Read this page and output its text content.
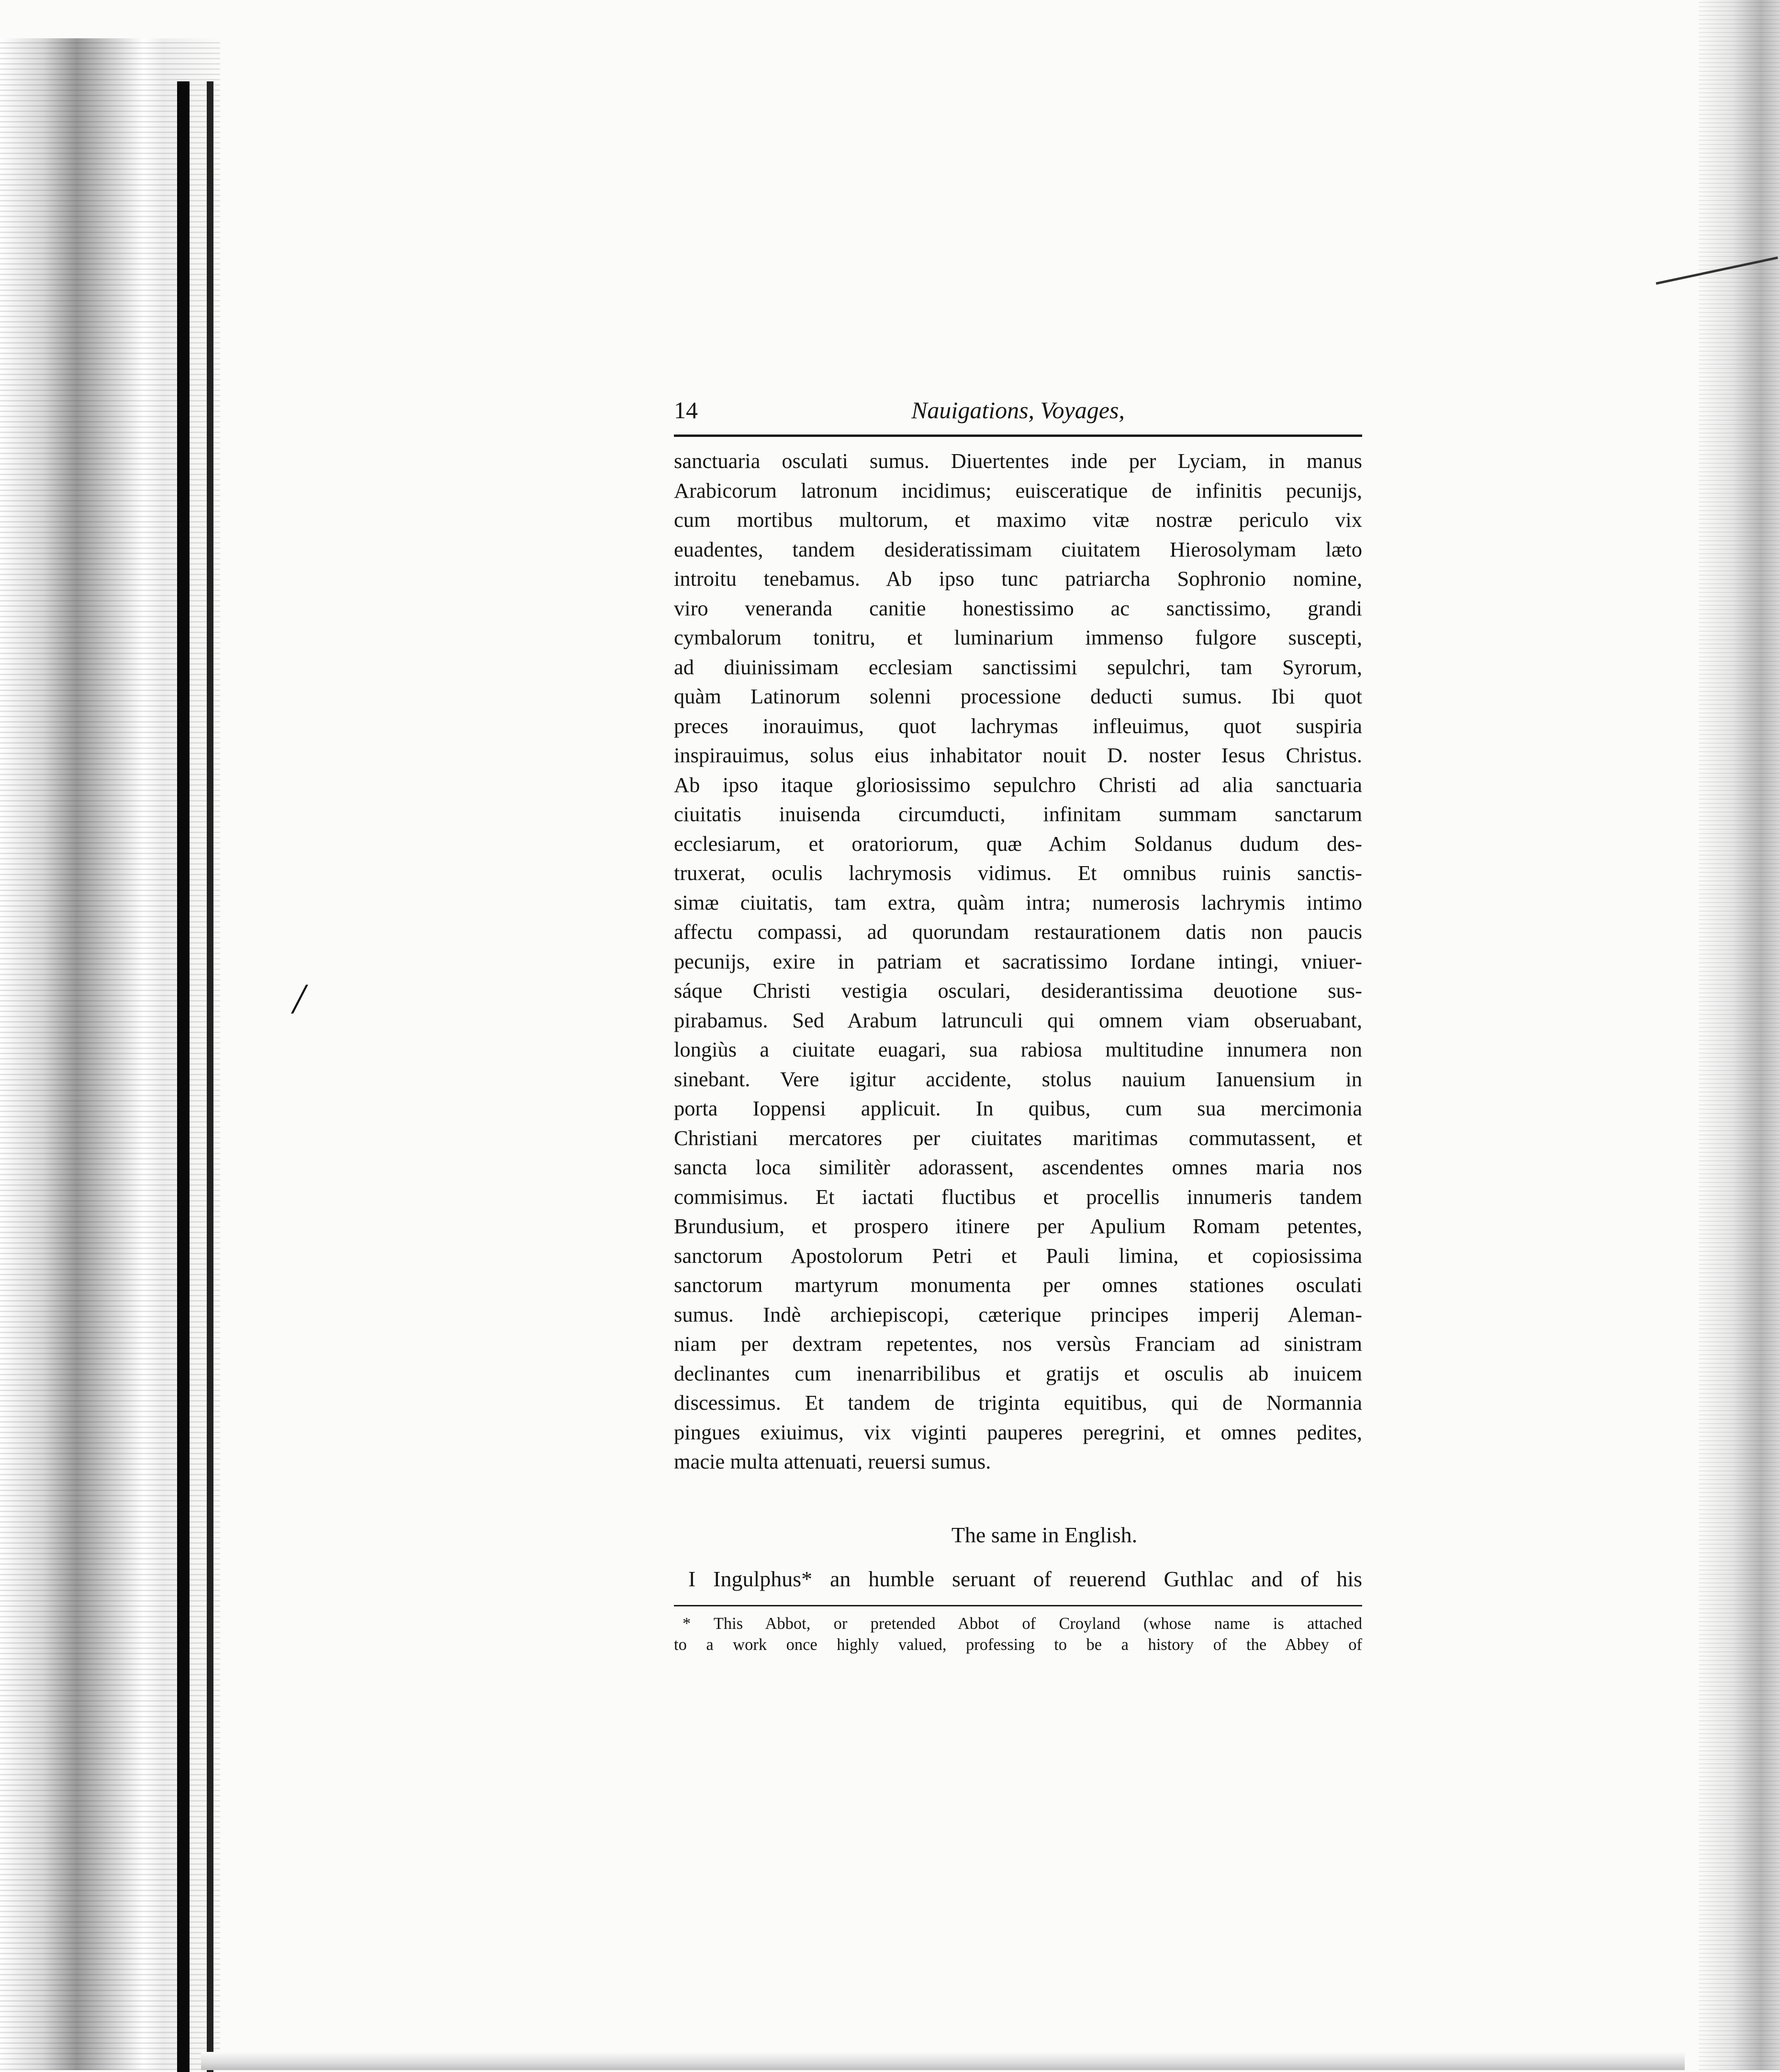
/
14	Nauigations, Voyages,
sanctuaria osculati sumus. Diuertentes inde per Lyciam, in manus
Arabicorum latronum incidimus; euisceratique de infinitis pecunijs,
cum mortibus multorum, et maximo vitæ nostræ periculo vix
euadentes, tandem desideratissimam ciuitatem Hierosolymam læto
introitu tenebamus. Ab ipso tunc patriarcha Sophronio nomine,
viro veneranda canitie honestissimo ac sanctissimo, grandi
cymbalorum tonitru, et luminarium immenso fulgore suscepti,
ad diuinissimam ecclesiam sanctissimi sepulchri, tam Syrorum,
quàm Latinorum solenni processione deducti sumus. Ibi quot
preces inorauimus, quot lachrymas infleuimus, quot suspiria
inspirauimus, solus eius inhabitator nouit D. noster Iesus Christus.
Ab ipso itaque gloriosissimo sepulchro Christi ad alia sanctuaria
ciuitatis inuisenda circumducti, infinitam summam sanctarum
ecclesiarum, et oratoriorum, quæ Achim Soldanus dudum des-
truxerat, oculis lachrymosis vidimus. Et omnibus ruinis sanctis-
simæ ciuitatis, tam extra, quàm intra; numerosis lachrymis intimo
affectu compassi, ad quorundam restaurationem datis non paucis
pecunijs, exire in patriam et sacratissimo Iordane intingi, vniuer-
sáque Christi vestigia osculari, desiderantissima deuotione sus-
pirabamus. Sed Arabum latrunculi qui omnem viam obseruabant,
longiùs a ciuitate euagari, sua rabiosa multitudine innumera non
sinebant. Vere igitur accidente, stolus nauium Ianuensium in
porta Ioppensi applicuit. In quibus, cum sua mercimonia
Christiani mercatores per ciuitates maritimas commutassent, et
sancta loca similitèr adorassent, ascendentes omnes maria nos
commisimus. Et iactati fluctibus et procellis innumeris tandem
Brundusium, et prospero itinere per Apulium Romam petentes,
sanctorum Apostolorum Petri et Pauli limina, et copiosissima
sanctorum martyrum monumenta per omnes stationes osculati
sumus. Indè archiepiscopi, cæterique principes imperij Aleman-
niam per dextram repetentes, nos versùs Franciam ad sinistram
declinantes cum inenarribilibus et gratijs et osculis ab inuicem
discessimus. Et tandem de triginta equitibus, qui de Normannia
pingues exiuimus, vix viginti pauperes peregrini, et omnes pedites,
macie multa attenuati, reuersi sumus.
The same in English.
I Ingulphus* an humble seruant of reuerend Guthlac and of his
* This Abbot, or pretended Abbot of Croyland (whose name is attached
to a work once highly valued, professing to be a history of the Abbey of
